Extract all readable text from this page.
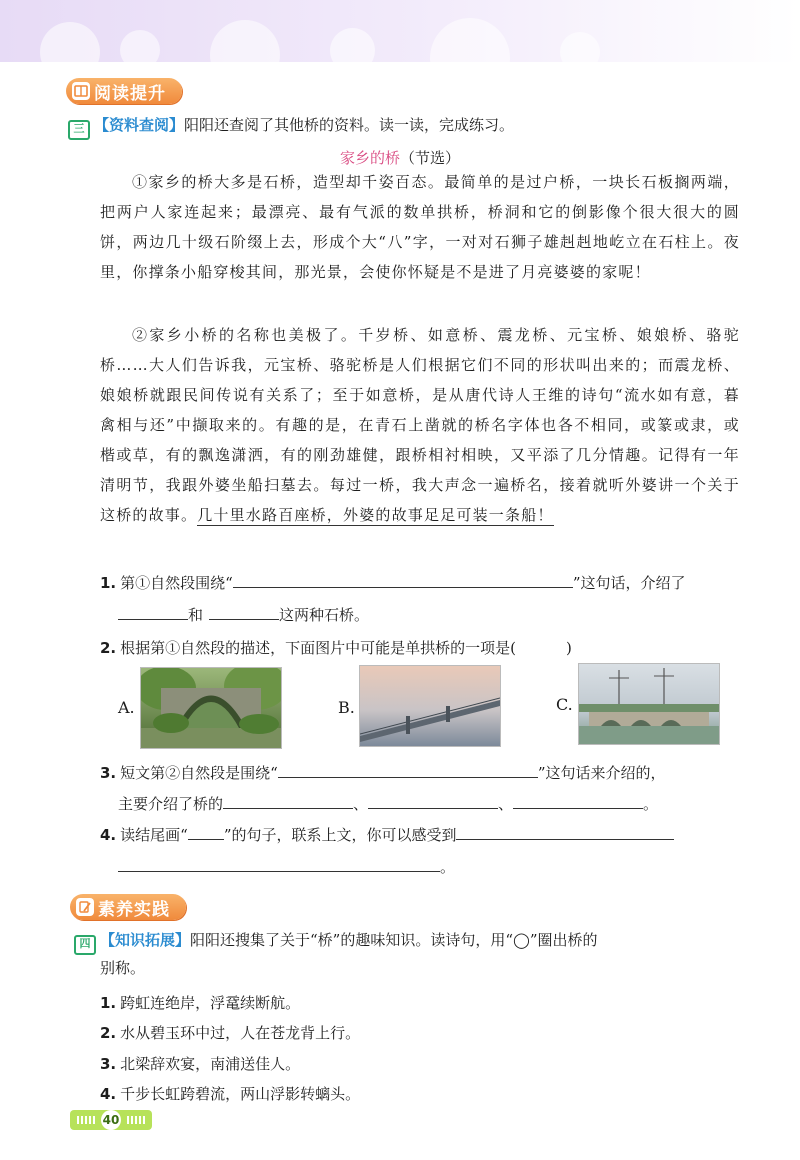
阅读提升
三 【资料查阅】阳阳还查阅了其他桥的资料。读一读，完成练习。
家乡的桥（节选）
①家乡的桥大多是石桥，造型却千姿百态。最简单的是过户桥，一块长石板搁两端，把两户人家连起来；最漂亮、最有气派的数单拱桥，桥洞和它的倒影像个很大很大的圆饼，两边几十级石阶缀上去，形成个大“八”字，一对对石狮子雄赳赳地屹立在石柱上。夜里，你撑条小船穿梭其间，那光景，会使你怀疑是不是进了月亮婆婆的家呢！
②家乡小桥的名称也美极了。千岁桥、如意桥、震龙桥、元宝桥、娘娘桥、骆驼桥……大人们告诉我，元宝桥、骆驼桥是人们根据它们不同的形状叫出来的；而震龙桥、娘娘桥就跟民间传说有关系了；至于如意桥，是从唐代诗人王维的诗句“流水如有意，暮禽相与还”中撷取来的。有趣的是，在青石上凿就的桥名字体也各不相同，或篆或隶，或楷或草，有的飘逸潇洒，有的刚劲雄健，跟桥相衬相映，又平添了几分情趣。记得有一年清明节，我跟外婆坐船扫墓去。每过一桥，我大声念一遍桥名，接着就听外婆讲一个关于这桥的故事。几十里水路百座桥，外婆的故事足足可装一条船！
1. 第①自然段围绕“	”这句话，介绍了
和	这两种石桥。
2. 根据第①自然段的描述，下面图片中可能是单拱桥的一项是(	)
A.	B.	C.
3. 短文第②自然段是围绕“	”这句话来介绍的，
主要介绍了桥的	、	、	。
4. 读结尾画“ ”的句子，联系上文，你可以感受到
。
素养实践
四 【知识拓展】阳阳还搜集了关于“桥”的趣味知识。读诗句，用“◯”圈出桥的
别称。
1. 跨虹连绝岸，浮鼋续断航。
2. 水从碧玉环中过，人在苍龙背上行。
3. 北梁辞欢宴，南浦送佳人。
4. 千步长虹跨碧流，两山浮影转螭头。
40
